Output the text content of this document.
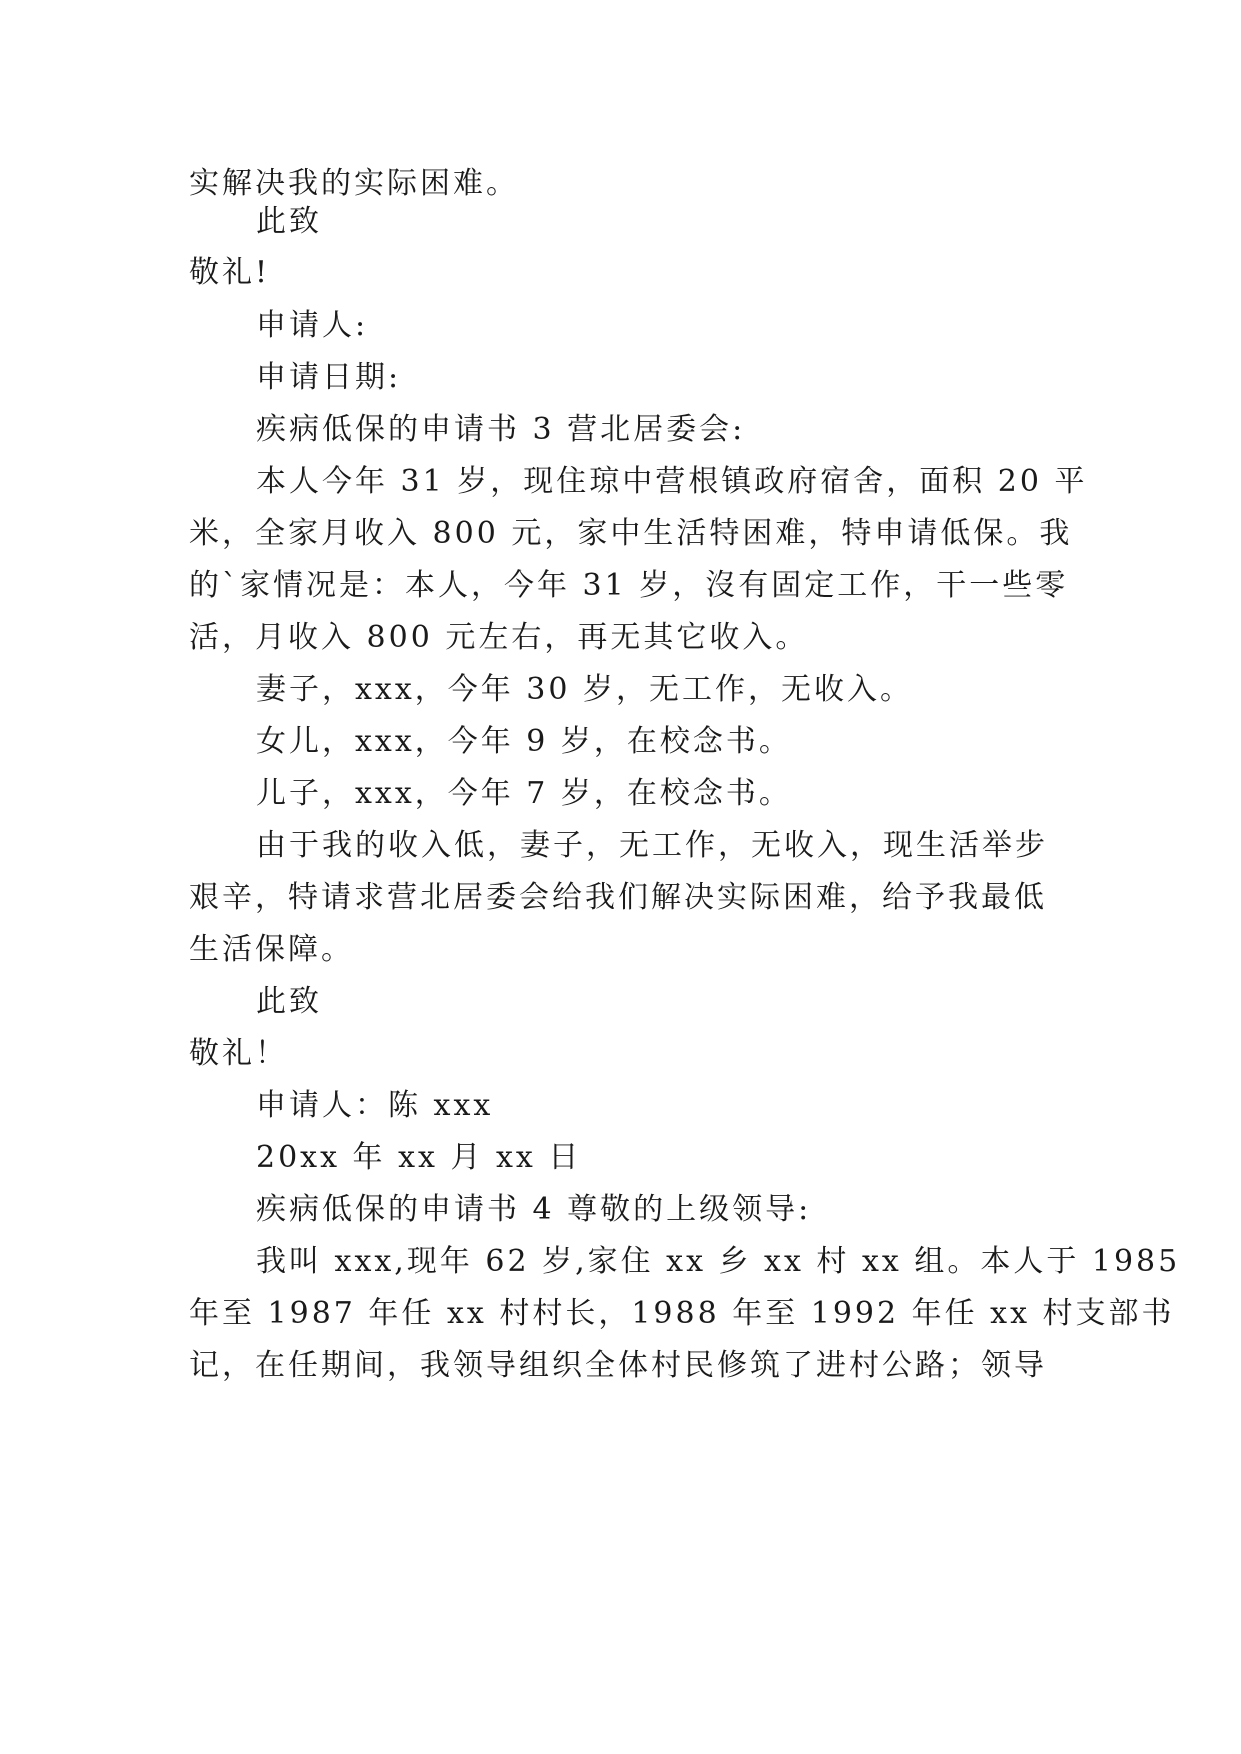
实解决我的实际困难。

此致

敬礼!

申请人:

申请日期:

疾病低保的申请书 3 营北居委会:

本人今年 31 岁，现住琼中营根镇政府宿舍，面积 20 平

米，全家月收入 800 元，家中生活特困难，特申请低保。我

的`家情况是：本人，今年 31 岁，沒有固定工作，干一些零

活，月收入 800 元左右，再无其它收入。

妻子，xxx，今年 30 岁，无工作，无收入。

女儿，xxx，今年 9 岁，在校念书。

儿子，xxx，今年 7 岁，在校念书。

由于我的收入低，妻子，无工作，无收入，现生活举步

艰辛，特请求营北居委会给我们解决实际困难，给予我最低

生活保障。

此致

敬礼！

申请人：陈 xxx

20xx 年 xx 月 xx 日

疾病低保的申请书 4 尊敬的上级领导:

我叫 xxx,现年 62 岁,家住 xx 乡 xx 村 xx 组。本人于 1985

年至 1987 年任 xx 村村长，1988 年至 1992 年任 xx 村支部书

记，在任期间，我领导组织全体村民修筑了进村公路；领导
